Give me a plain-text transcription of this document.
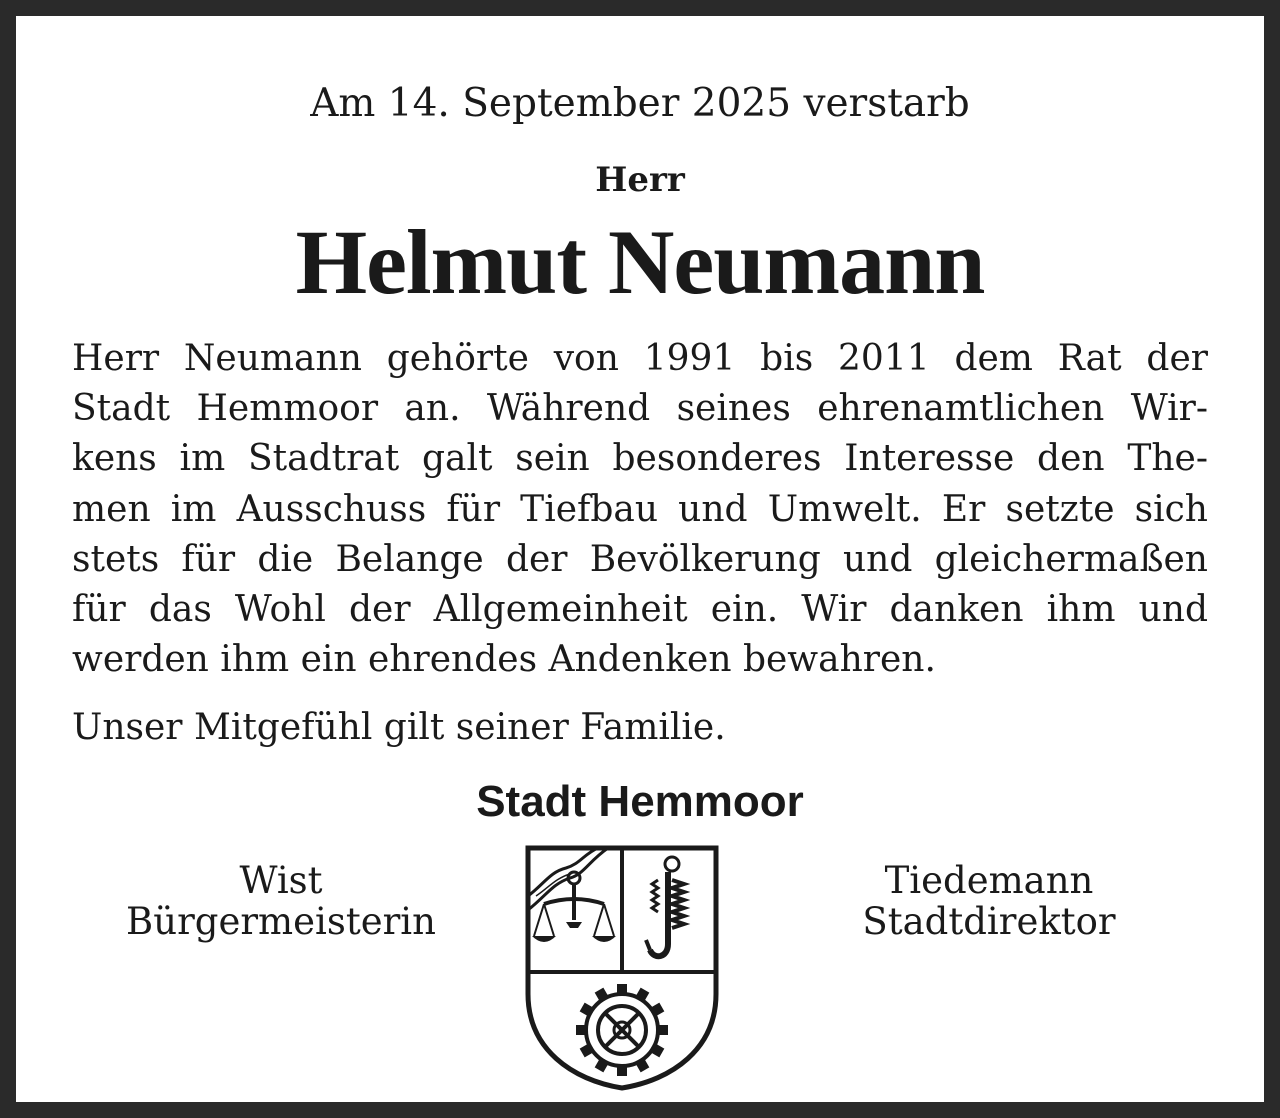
Am 14. September 2025 verstarb
Herr
Helmut Neumann
Herr Neumann gehörte von 1991 bis 2011 dem Rat der
Stadt Hemmoor an. Während seines ehrenamtlichen Wir-
kens im Stadtrat galt sein besonderes Interesse den The-
men im Ausschuss für Tiefbau und Umwelt. Er setzte sich
stets für die Belange der Bevölkerung und gleichermaßen
für das Wohl der Allgemeinheit ein. Wir danken ihm und
werden ihm ein ehrendes Andenken bewahren.
Unser Mitgefühl gilt seiner Familie.
Stadt Hemmoor
Wist
Bürgermeisterin
Tiedemann
Stadtdirektor
